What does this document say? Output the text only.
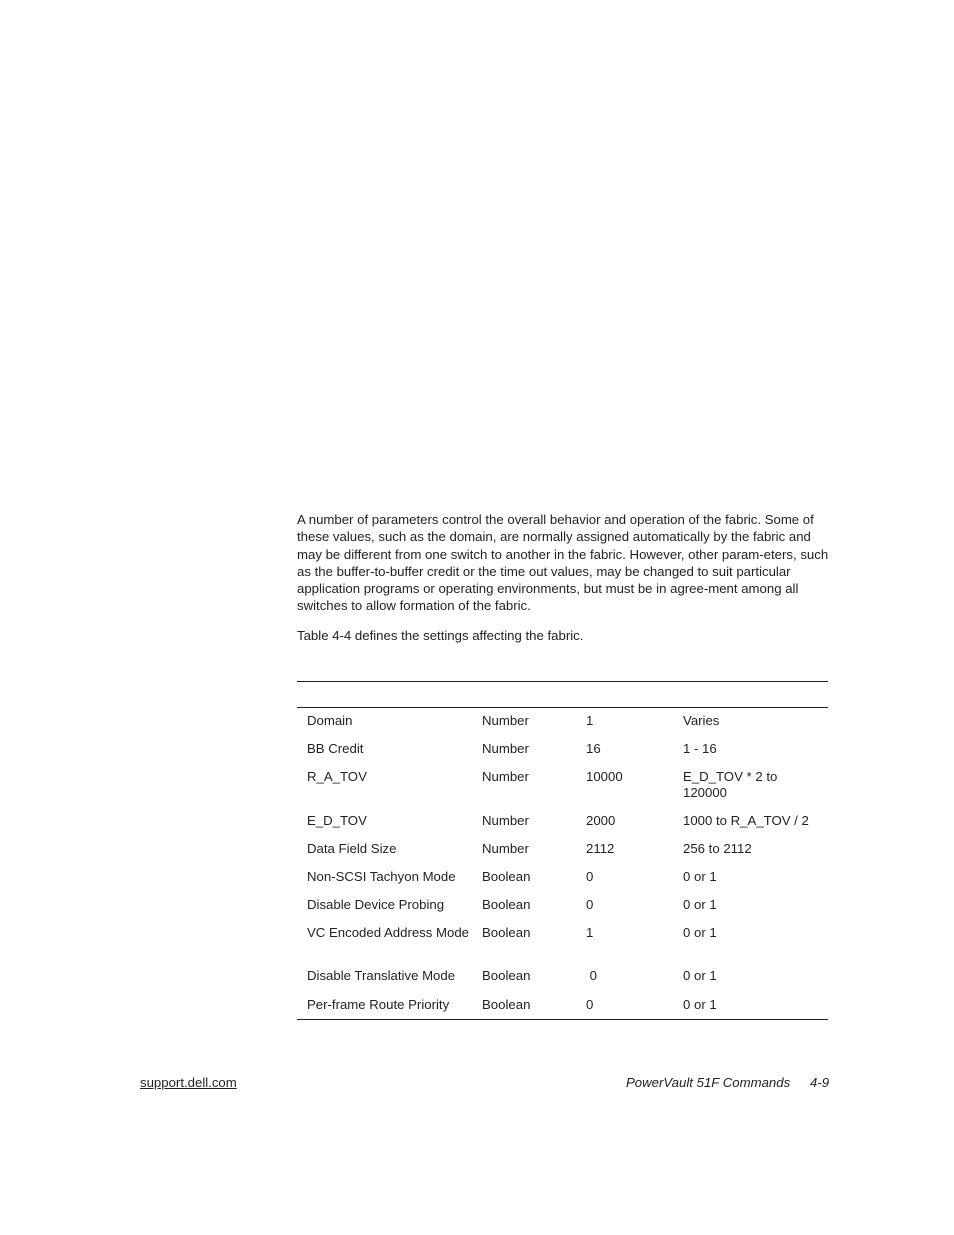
A number of parameters control the overall behavior and operation of the fabric. Some of these values, such as the domain, are normally assigned automatically by the fabric and may be different from one switch to another in the fabric. However, other param-eters, such as the buffer-to-buffer credit or the time out values, may be changed to suit particular application programs or operating environments, but must be in agree-ment among all switches to allow formation of the fabric.

Table 4-4 defines the settings affecting the fabric.

Domain	Number	1	Varies
BB Credit	Number	16	1 - 16
R_A_TOV	Number	10000	E_D_TOV * 2 to 120000
E_D_TOV	Number	2000	1000 to R_A_TOV / 2
Data Field Size	Number	2112	256 to 2112
Non-SCSI Tachyon Mode	Boolean	0	0 or 1
Disable Device Probing	Boolean	0	0 or 1
VC Encoded Address Mode	Boolean	1	0 or 1
Disable Translative Mode	Boolean	0	0 or 1
Per-frame Route Priority	Boolean	0	0 or 1
support.dell.com	PowerVault 51F Commands 4-9
